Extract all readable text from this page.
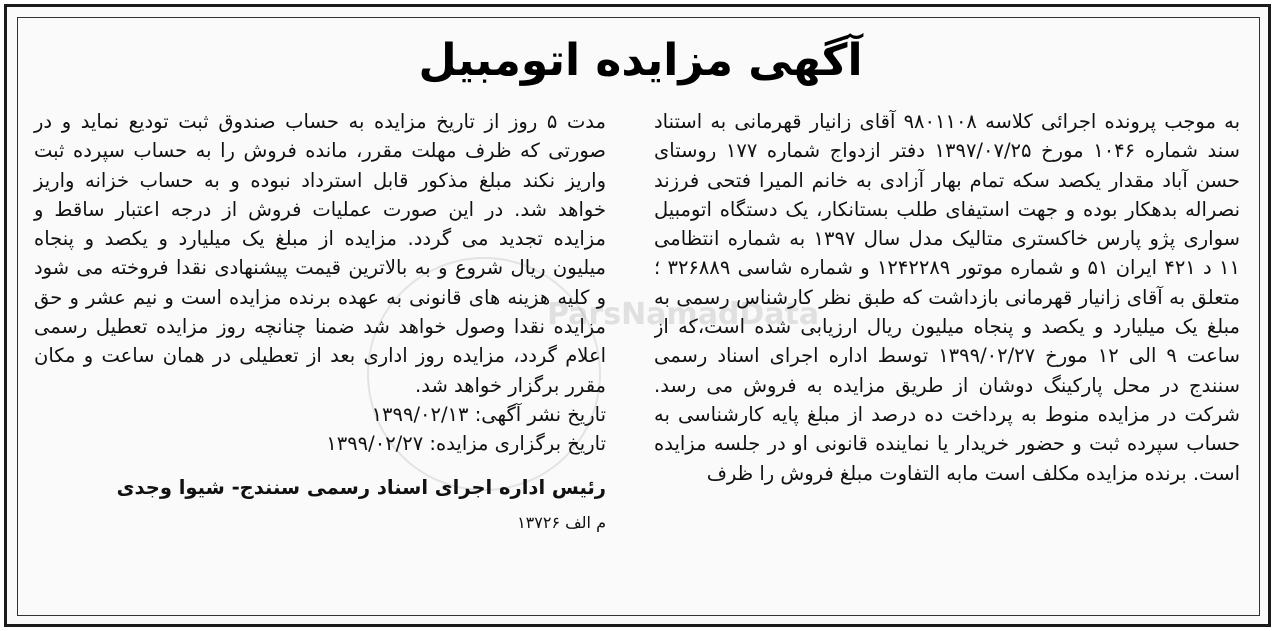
ParsNamadData
آگهی مزایده اتومبیل

به موجب پرونده اجرائی کلاسه ۹۸۰۱۱۰۸ آقای زانیار قهرمانی به استناد سند شماره ۱۰۴۶ مورخ ۱۳۹۷/۰۷/۲۵ دفتر ازدواج شماره ۱۷۷ روستای حسن آباد مقدار یکصد سکه تمام بهار آزادی به خانم المیرا فتحی فرزند نصراله بدهکار بوده و جهت استیفای طلب بستانکار، یک دستگاه اتومبیل سواری پژو پارس خاکستری متالیک مدل سال ۱۳۹۷ به شماره انتظامی ۱۱ د ۴۲۱ ایران ۵۱ و شماره موتور ۱۲۴۲۲۸۹ و شماره شاسی ۳۲۶۸۸۹ ؛ متعلق به آقای زانیار قهرمانی بازداشت که طبق نظر کارشناس رسمی به مبلغ یک میلیارد و یکصد و پنجاه میلیون ریال ارزیابی شده است،که از ساعت ۹ الی ۱۲ مورخ ۱۳۹۹/۰۲/۲۷ توسط اداره اجرای اسناد رسمی سنندج در محل پارکینگ دوشان از طریق مزایده به فروش می رسد. شرکت در مزایده منوط به پرداخت ده درصد از مبلغ پایه کارشناسی به حساب سپرده ثبت و حضور خریدار یا نماینده قانونی او در جلسه مزایده است. برنده مزایده مکلف است مابه التفاوت مبلغ فروش را ظرف

مدت ۵ روز از تاریخ مزایده به حساب صندوق ثبت تودیع نماید و در صورتی که ظرف مهلت مقرر، مانده فروش را به حساب سپرده ثبت واریز نکند مبلغ مذکور قابل استرداد نبوده و به حساب خزانه واریز خواهد شد. در این صورت عملیات فروش از درجه اعتبار ساقط و مزایده تجدید می گردد. مزایده از مبلغ یک میلیارد و یکصد و پنجاه میلیون ریال شروع و به بالاترین قیمت پیشنهادی نقدا فروخته می شود و کلیه هزینه های قانونی به عهده برنده مزایده است و نیم عشر و حق مزایده نقدا وصول خواهد شد ضمنا چنانچه روز مزایده تعطیل رسمی اعلام گردد، مزایده روز اداری بعد از تعطیلی در همان ساعت و مکان مقرر برگزار خواهد شد.

تاریخ نشر آگهی: ۱۳۹۹/۰۲/۱۳

تاریخ برگزاری مزایده: ۱۳۹۹/۰۲/۲۷

رئیس اداره اجرای اسناد رسمی سنندج- شیوا وجدی

م الف ۱۳۷۲۶
